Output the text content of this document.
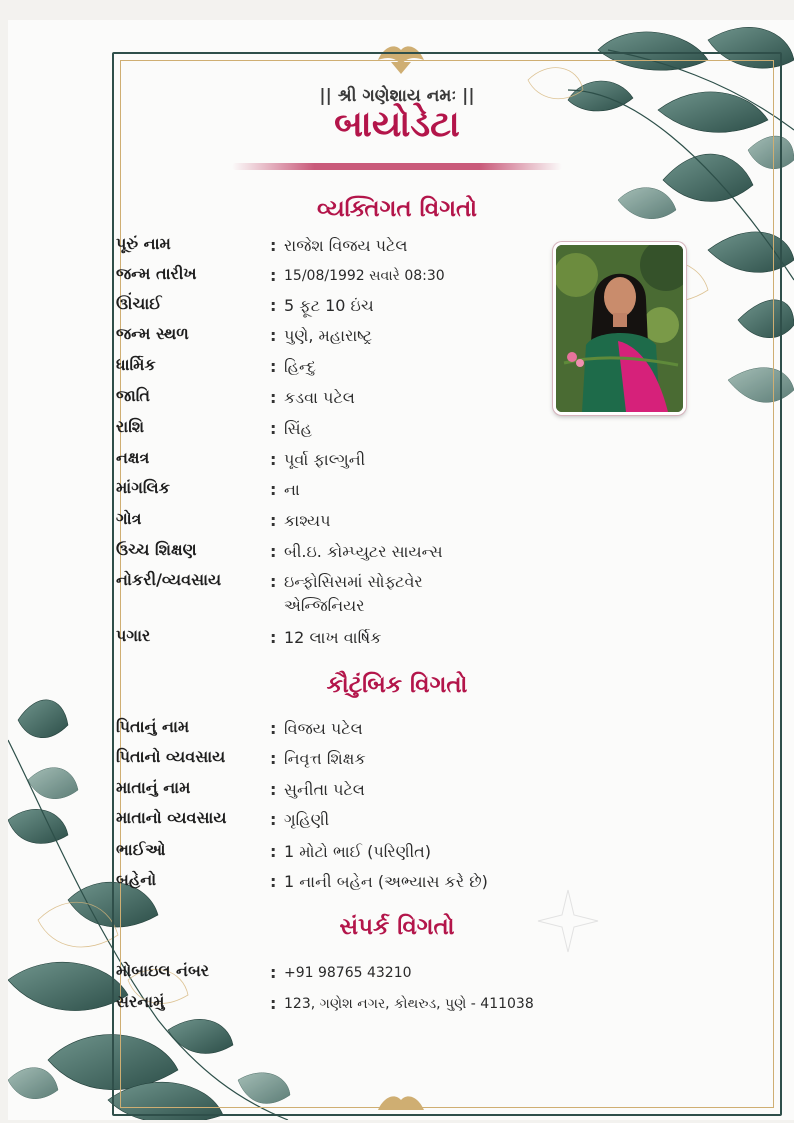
|| શ્રી ગણેશાય નમઃ ||
બાયોડેટા
વ્યક્તિગત વિગતો
પૂરું નામ	: રાજેશ વિજય પટેલ
જન્મ તારીખ	: 15/08/1992 સવારે 08:30
ઊંચાઈ	: 5 ફૂટ 10 ઇંચ
જન્મ સ્થળ	: પુણે, મહારાષ્ટ્ર
ધાર્મિક	: હિન્દુ
જાતિ	: કડવા પટેલ
રાશિ	: સિંહ
નક્ષત્ર	: પૂર્વા ફાલ્ગુની
માંગલિક	: ના
ગોત્ર	: કાશ્યપ
ઉચ્ચ શિક્ષણ	: બી.ઇ. કોમ્પ્યુટર સાયન્સ
નોકરી/વ્યવસાય	: ઇન્ફોસિસમાં સોફ્ટવેર એન્જિનિયર
પગાર	: 12 લાખ વાર્ષિક
કૌટુંબિક વિગતો
પિતાનું નામ	: વિજય પટેલ
પિતાનો વ્યવસાય	: નિવૃત્ત શિક્ષક
માતાનું નામ	: સુનીતા પટેલ
માતાનો વ્યવસાય	: ગૃહિણી
ભાઈઓ	: 1 મોટો ભાઈ (પરિણીત)
બહેનો	: 1 નાની બહેન (અભ્યાસ કરે છે)
સંપર્ક વિગતો
મોબાઇલ નંબર	: +91 98765 43210
સરનામું	: 123, ગણેશ નગર, કોથરુડ, પુણે - 411038
